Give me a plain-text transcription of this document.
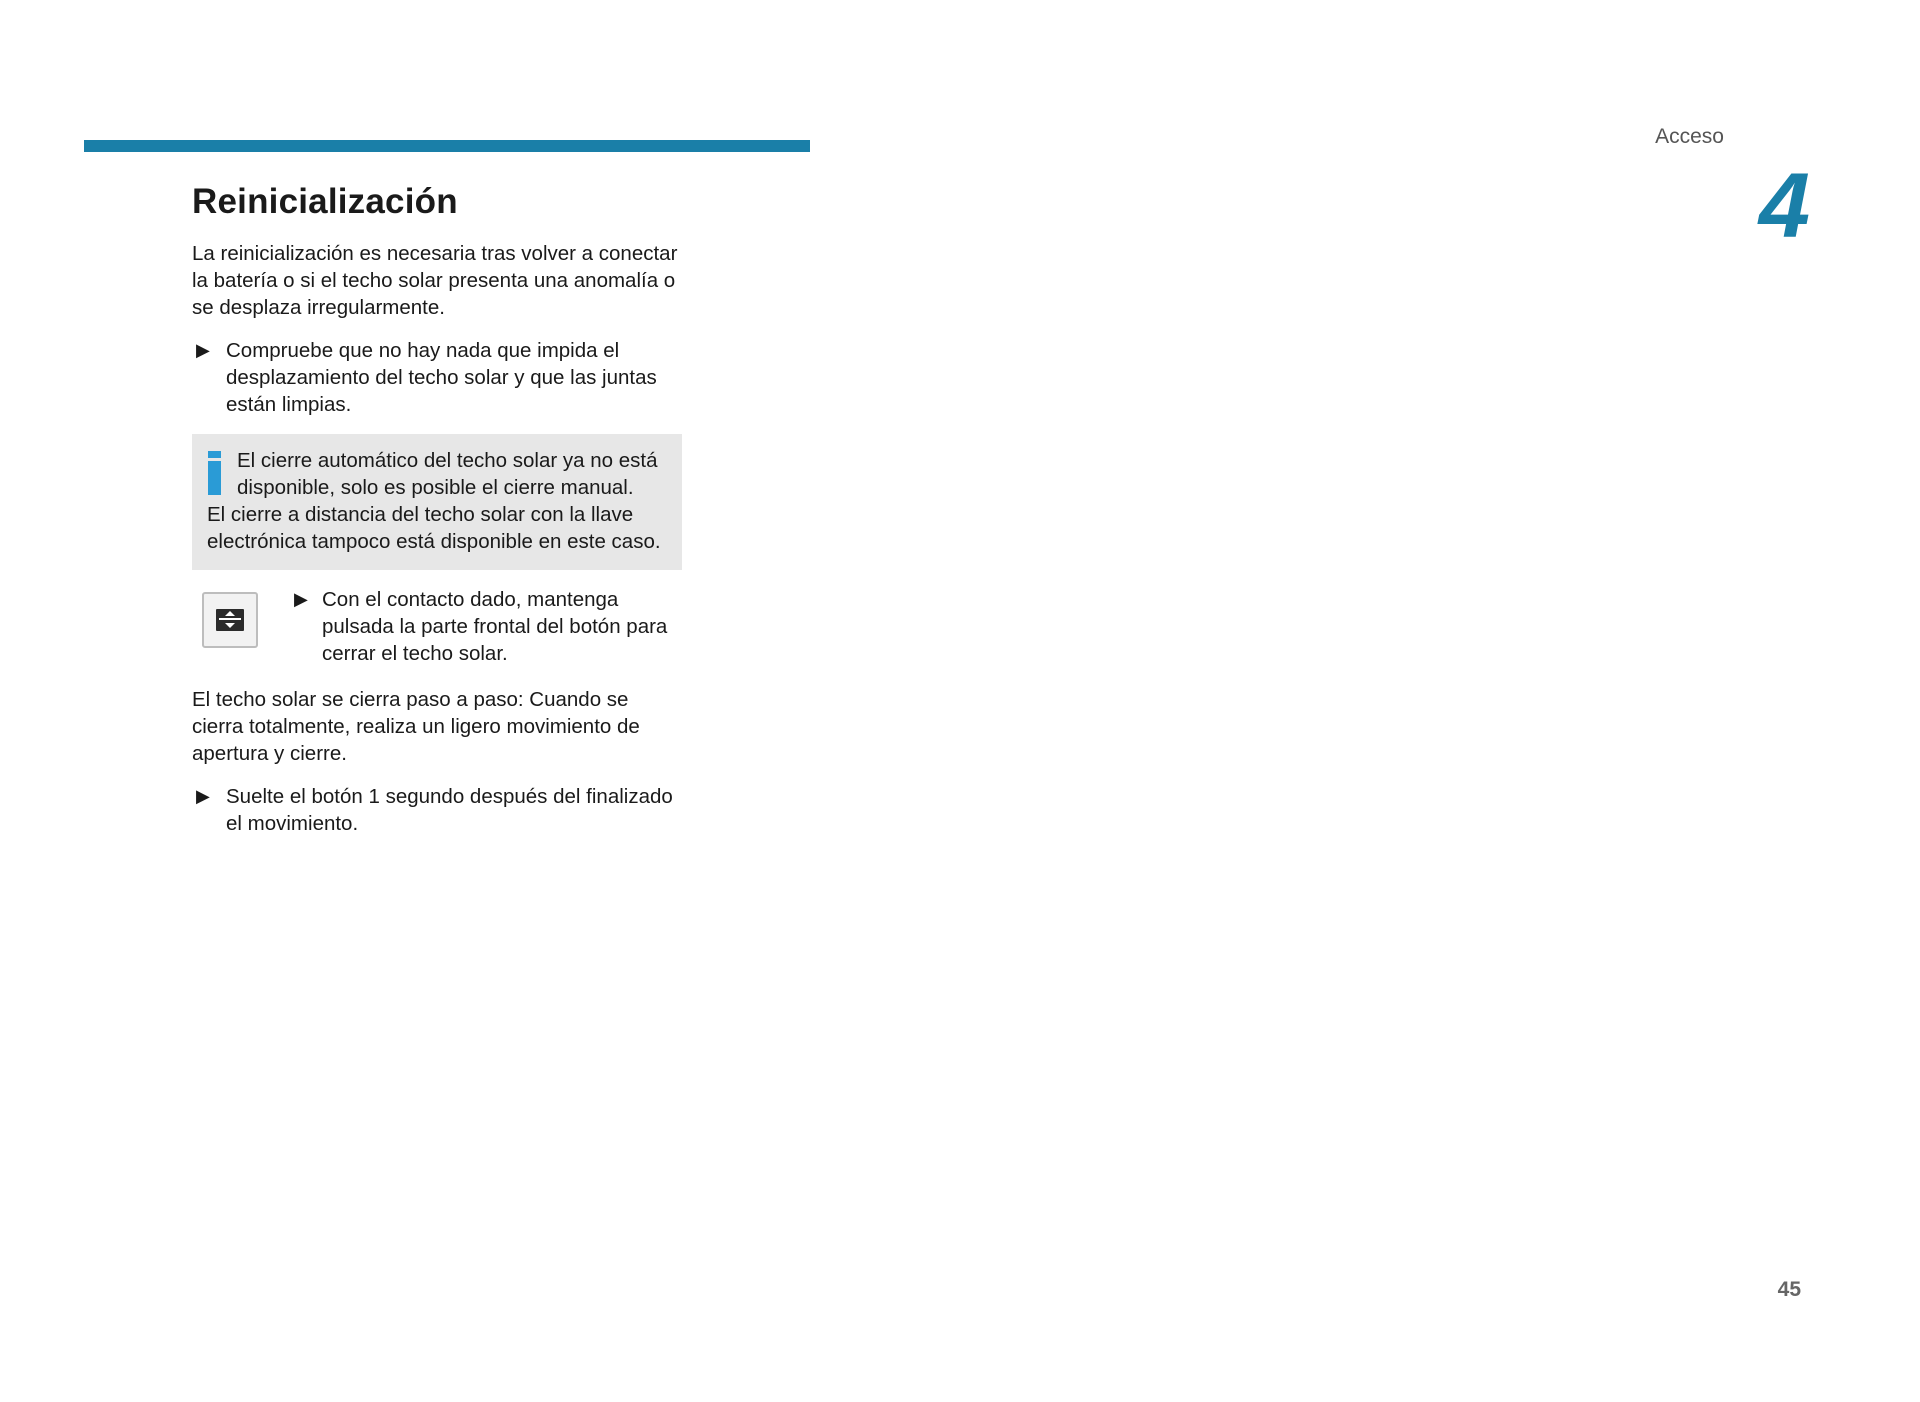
Acceso
4
Reinicialización

La reinicialización es necesaria tras volver a conectar la batería o si el techo solar presenta una anomalía o se desplaza irregularmente.

▶ Compruebe que no hay nada que impida el desplazamiento del techo solar y que las juntas están limpias.
El cierre automático del techo solar ya no está disponible, solo es posible el cierre manual.
El cierre a distancia del techo solar con la llave electrónica tampoco está disponible en este caso.
▶ Con el contacto dado, mantenga pulsada la parte frontal del botón para cerrar el techo solar.

El techo solar se cierra paso a paso: Cuando se cierra totalmente, realiza un ligero movimiento de apertura y cierre.

▶ Suelte el botón 1 segundo después del finalizado el movimiento.
45
